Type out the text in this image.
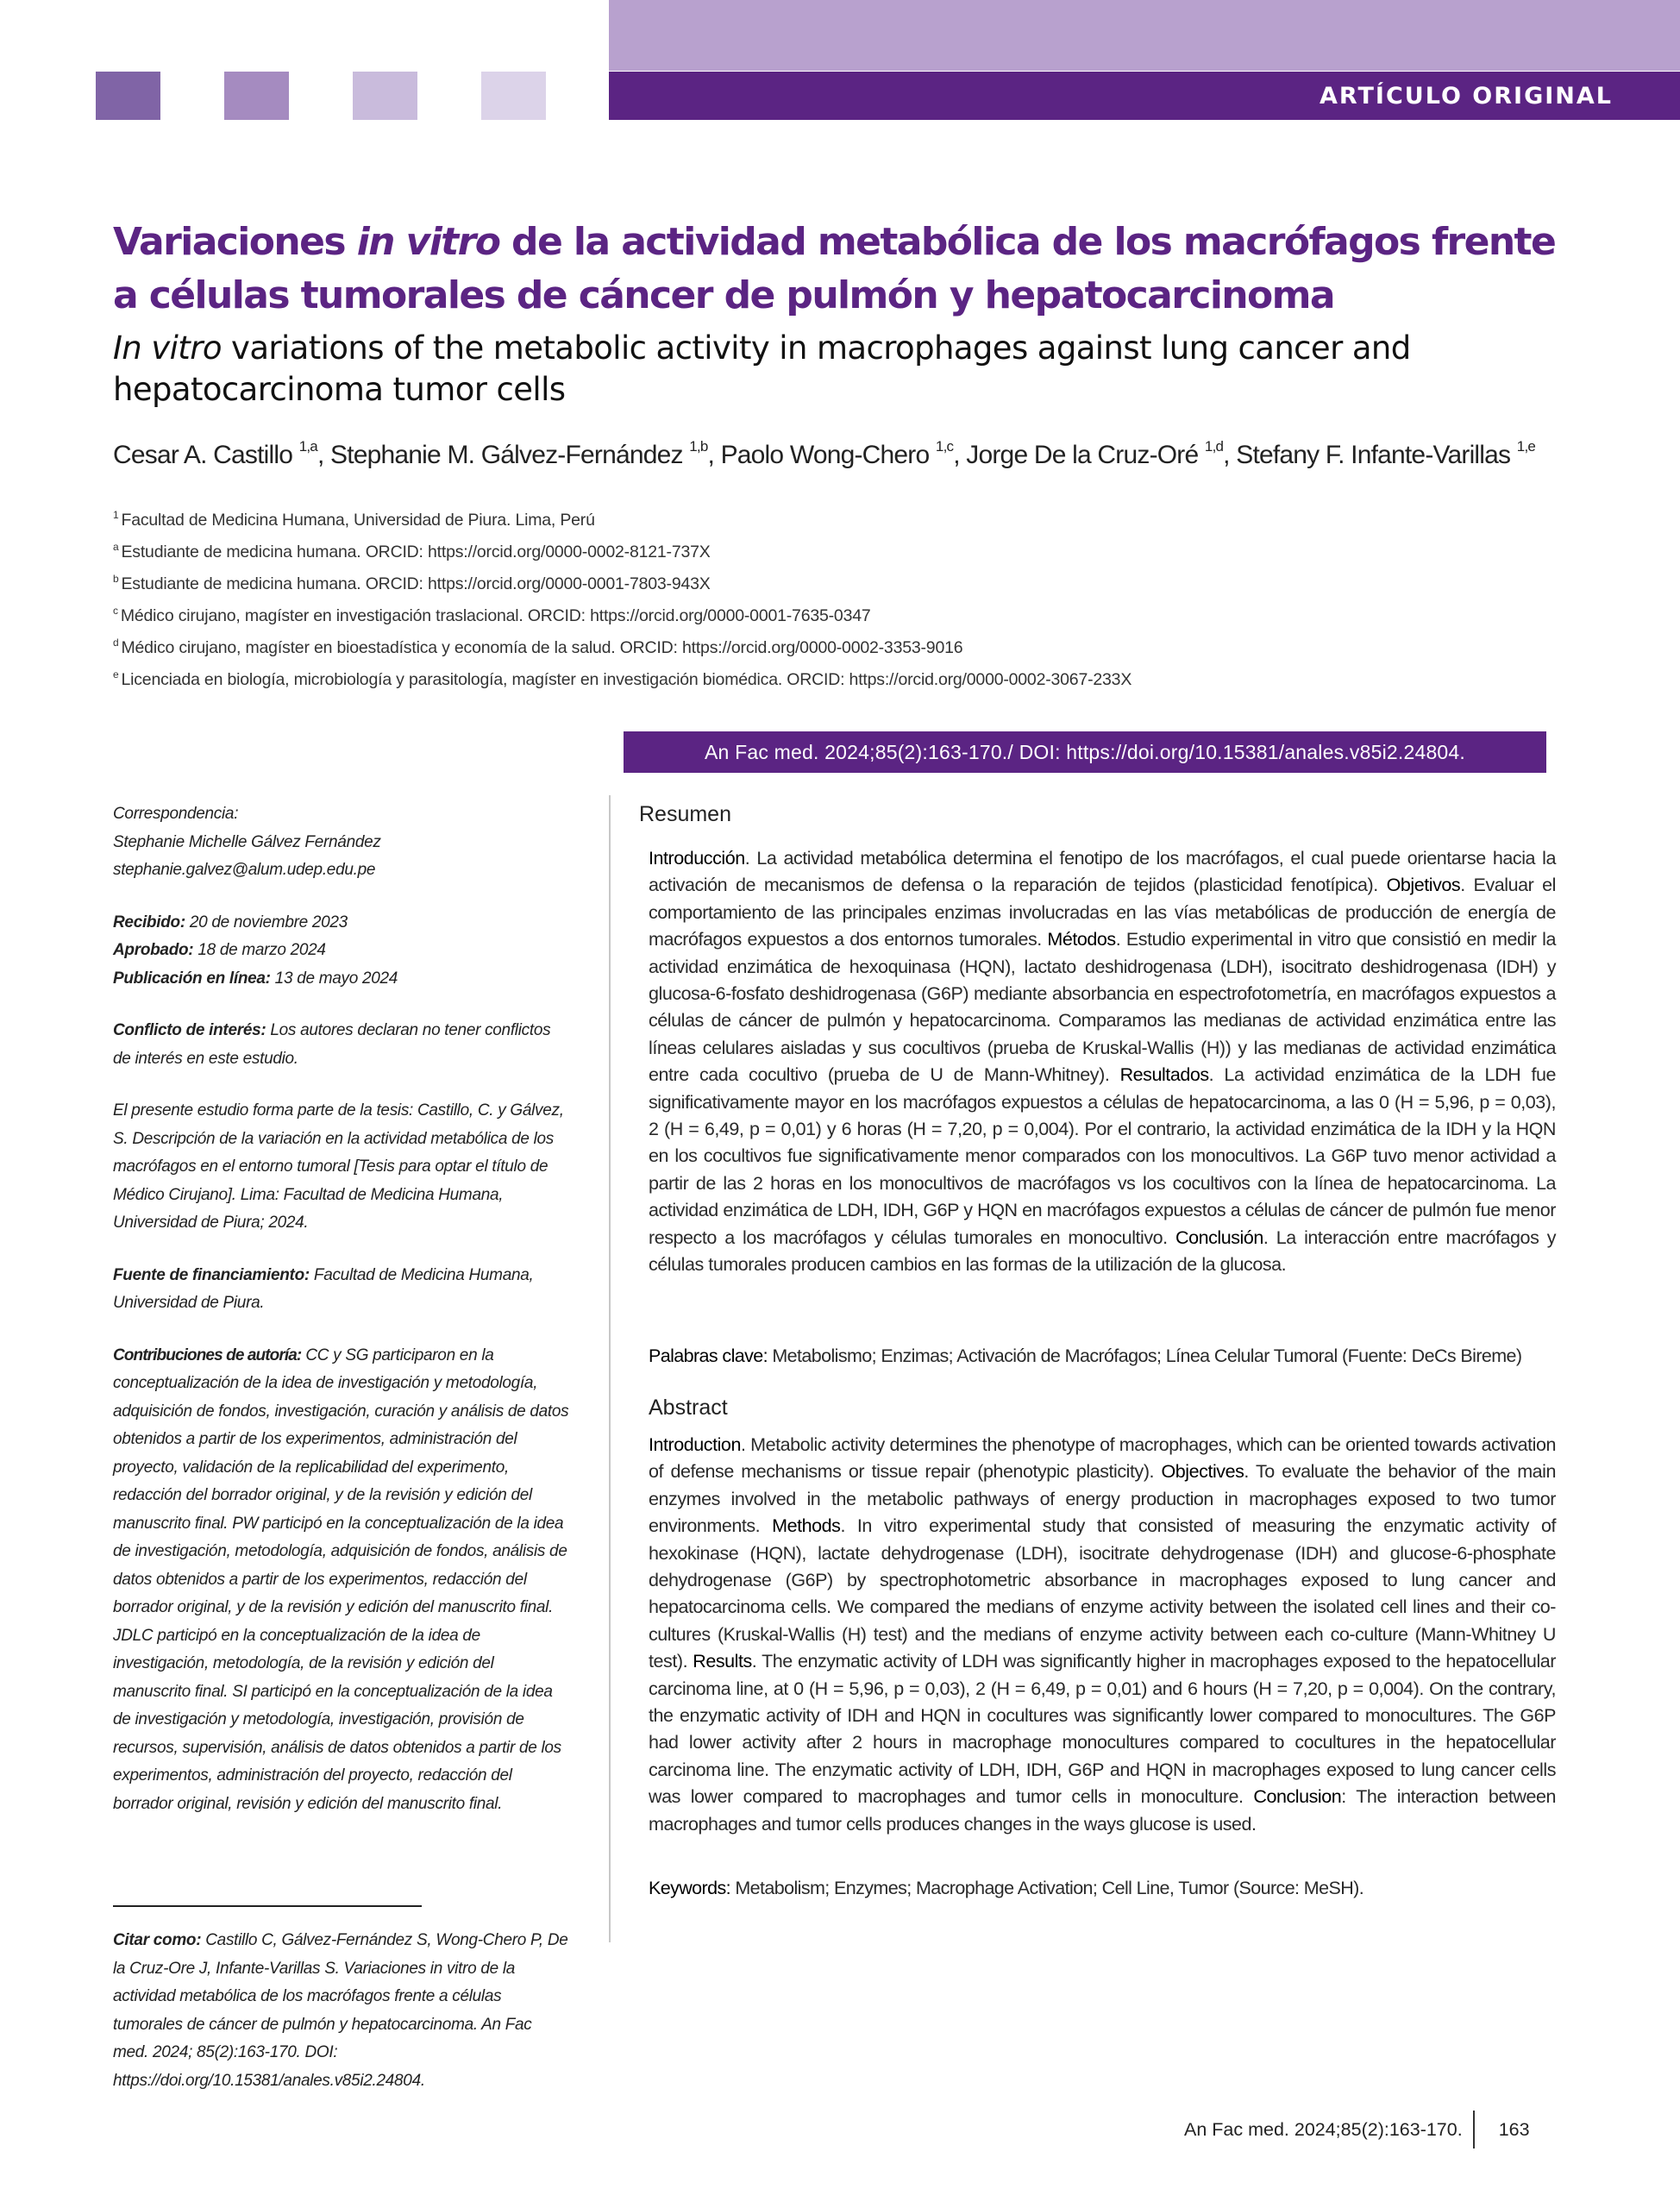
ARTÍCULO ORIGINAL
Variaciones in vitro de la actividad metabólica de los macrófagos frente a células tumorales de cáncer de pulmón y hepatocarcinoma
In vitro variations of the metabolic activity in macrophages against lung cancer and hepatocarcinoma tumor cells
Cesar A. Castillo $^{1,a}$, Stephanie M. Gálvez-Fernández $^{1,b}$, Paolo Wong-Chero $^{1,c}$, Jorge De la Cruz-Oré $^{1,d}$, Stefany F. Infante-Varillas $^{1,e}$
$^1$ Facultad de Medicina Humana, Universidad de Piura. Lima, Perú
$^a$ Estudiante de medicina humana. ORCID: https://orcid.org/0000-0002-8121-737X
$^b$ Estudiante de medicina humana. ORCID: https://orcid.org/0000-0001-7803-943X
$^c$ Médico cirujano, magíster en investigación traslacional. ORCID: https://orcid.org/0000-0001-7635-0347
$^d$ Médico cirujano, magíster en bioestadística y economía de la salud. ORCID: https://orcid.org/0000-0002-3353-9016
$^e$ Licenciada en biología, microbiología y parasitología, magíster en investigación biomédica. ORCID: https://orcid.org/0000-0002-3067-233X
An Fac med. 2024;85(2):163-170./ DOI: https://doi.org/10.15381/anales.v85i2.24804.

Correspondencia:
Stephanie Michelle Gálvez Fernández
stephanie.galvez@alum.udep.edu.pe

Recibido: 20 de noviembre 2023
Aprobado: 18 de marzo 2024
Publicación en línea: 13 de mayo 2024

Conflicto de interés: Los autores declaran no tener conflictos de interés en este estudio.

El presente estudio forma parte de la tesis: Castillo, C. y Gálvez, S. Descripción de la variación en la actividad metabólica de los macrófagos en el entorno tumoral [Tesis para optar el título de Médico Cirujano]. Lima: Facultad de Medicina Humana, Universidad de Piura; 2024.

Fuente de financiamiento: Facultad de Medicina Humana, Universidad de Piura.

Contribuciones de autoría: CC y SG participaron en la conceptualización de la idea de investigación y metodología, adquisición de fondos, investigación, curación y análisis de datos obtenidos a partir de los experimentos, administración del proyecto, validación de la replicabilidad del experimento, redacción del borrador original, y de la revisión y edición del manuscrito final. PW participó en la conceptualización de la idea de investigación, metodología, adquisición de fondos, análisis de datos obtenidos a partir de los experimentos, redacción del borrador original, y de la revisión y edición del manuscrito final. JDLC participó en la conceptualización de la idea de investigación, metodología, de la revisión y edición del manuscrito final. SI participó en la conceptualización de la idea de investigación y metodología, investigación, provisión de recursos, supervisión, análisis de datos obtenidos a partir de los experimentos, administración del proyecto, redacción del borrador original, revisión y edición del manuscrito final.

Citar como: Castillo C, Gálvez-Fernández S, Wong-Chero P, De la Cruz-Ore J, Infante-Varillas S. Variaciones in vitro de la actividad metabólica de los macrófagos frente a células tumorales de cáncer de pulmón y hepatocarcinoma. An Fac med. 2024; 85(2):163-170. DOI: https://doi.org/10.15381/anales.v85i2.24804.
Resumen
Introducción. La actividad metabólica determina el fenotipo de los macrófagos, el cual puede orientarse hacia la activación de mecanismos de defensa o la reparación de tejidos (plasticidad fenotípica). Objetivos. Evaluar el comportamiento de las principales enzimas involucradas en las vías metabólicas de producción de energía de macrófagos expuestos a dos entornos tumorales. Métodos. Estudio experimental in vitro que consistió en medir la actividad enzimática de hexoquinasa (HQN), lactato deshidrogenasa (LDH), isocitrato deshidrogenasa (IDH) y glucosa-6-fosfato deshidrogenasa (G6P) mediante absorbancia en espectrofotometría, en macrófagos expuestos a células de cáncer de pulmón y hepatocarcinoma. Comparamos las medianas de actividad enzimática entre las líneas celulares aisladas y sus cocultivos (prueba de Kruskal-Wallis (H)) y las medianas de actividad enzimática entre cada cocultivo (prueba de U de Mann-Whitney). Resultados. La actividad enzimática de la LDH fue significativamente mayor en los macrófagos expuestos a células de hepatocarcinoma, a las 0 (H = 5,96, p = 0,03), 2 (H = 6,49, p = 0,01) y 6 horas (H = 7,20, p = 0,004). Por el contrario, la actividad enzimática de la IDH y la HQN en los cocultivos fue significativamente menor comparados con los monocultivos. La G6P tuvo menor actividad a partir de las 2 horas en los monocultivos de macrófagos vs los cocultivos con la línea de hepatocarcinoma. La actividad enzimática de LDH, IDH, G6P y HQN en macrófagos expuestos a células de cáncer de pulmón fue menor respecto a los macrófagos y células tumorales en monocultivo. Conclusión. La interacción entre macrófagos y células tumorales producen cambios en las formas de la utilización de la glucosa.
Palabras clave: Metabolismo; Enzimas; Activación de Macrófagos; Línea Celular Tumoral (Fuente: DeCs Bireme)
Abstract
Introduction. Metabolic activity determines the phenotype of macrophages, which can be oriented towards activation of defense mechanisms or tissue repair (phenotypic plasticity). Objectives. To evaluate the behavior of the main enzymes involved in the metabolic pathways of energy production in macrophages exposed to two tumor environments. Methods. In vitro experimental study that consisted of measuring the enzymatic activity of hexokinase (HQN), lactate dehydrogenase (LDH), isocitrate dehydrogenase (IDH) and glucose-6-phosphate dehydrogenase (G6P) by spectrophotometric absorbance in macrophages exposed to lung cancer and hepatocarcinoma cells. We compared the medians of enzyme activity between the isolated cell lines and their co-cultures (Kruskal-Wallis (H) test) and the medians of enzyme activity between each co-culture (Mann-Whitney U test). Results. The enzymatic activity of LDH was significantly higher in macrophages exposed to the hepatocellular carcinoma line, at 0 (H = 5,96, p = 0,03), 2 (H = 6,49, p = 0,01) and 6 hours (H = 7,20, p = 0,004). On the contrary, the enzymatic activity of IDH and HQN in cocultures was significantly lower compared to monocultures. The G6P had lower activity after 2 hours in macrophage monocultures compared to cocultures in the hepatocellular carcinoma line. The enzymatic activity of LDH, IDH, G6P and HQN in macrophages exposed to lung cancer cells was lower compared to macrophages and tumor cells in monoculture. Conclusion: The interaction between macrophages and tumor cells produces changes in the ways glucose is used.
Keywords: Metabolism; Enzymes; Macrophage Activation; Cell Line, Tumor (Source: MeSH).
An Fac med. 2024;85(2):163-170. 163
